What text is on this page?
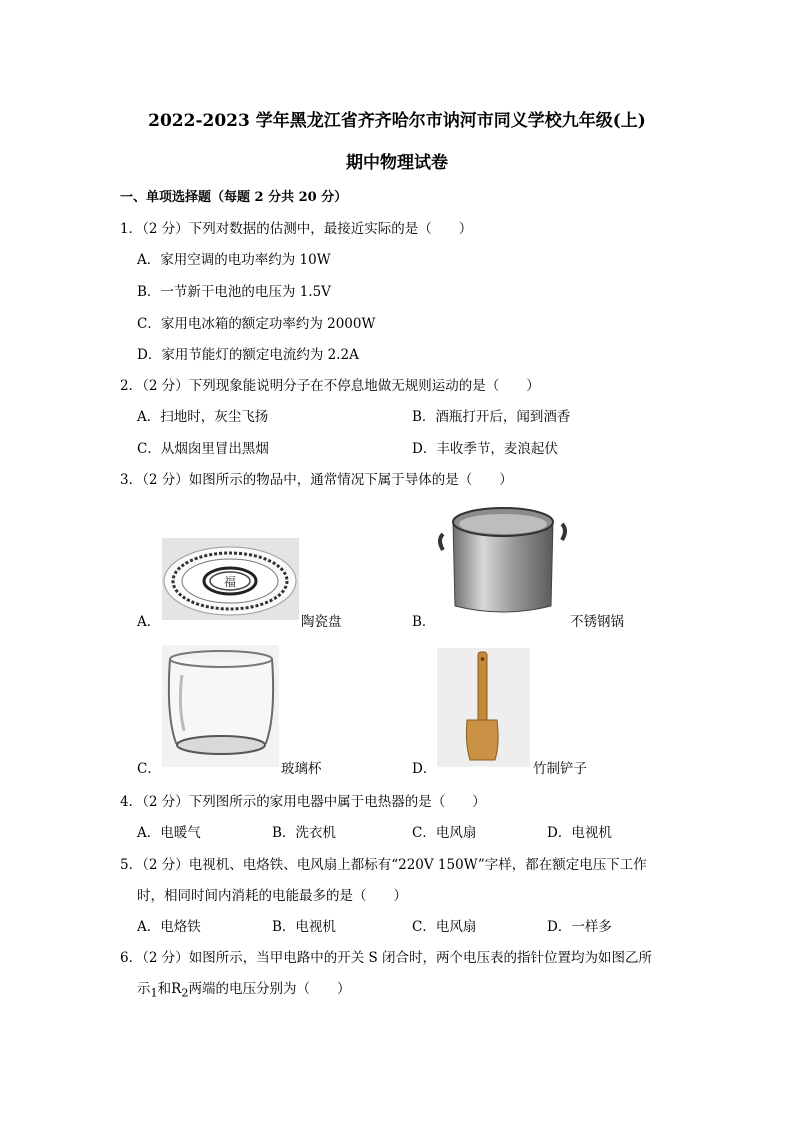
2022-2023 学年黑龙江省齐齐哈尔市讷河市同义学校九年级(上)
期中物理试卷
一、单项选择题（每题 2 分共 20 分）
1．（2 分）下列对数据的估测中，最接近实际的是（　　）
A．家用空调的电功率约为 10W
B．一节新干电池的电压为 1.5V
C．家用电冰箱的额定功率约为 2000W
D．家用节能灯的额定电流约为 2.2A
2．（2 分）下列现象能说明分子在不停息地做无规则运动的是（　　）
A．扫地时，灰尘飞扬	B．酒瓶打开后，闻到酒香
C．从烟囱里冒出黑烟	D．丰收季节，麦浪起伏
3．（2 分）如图所示的物品中，通常情况下属于导体的是（　　）
A．
福
陶瓷盘	B．	不锈钢锅
C．	玻璃杯	D．	竹制铲子
4．（2 分）下列图所示的家用电器中属于电热器的是（　　）
A．电暖气	B．洗衣机	C．电风扇	D．电视机
5．（2 分）电视机、电烙铁、电风扇上都标有“220V 150W”字样，都在额定电压下工作
时，相同时间内消耗的电能最多的是（　　）
A．电烙铁	B．电视机	C．电风扇	D．一样多
6．（2 分）如图所示，当甲电路中的开关 S 闭合时，两个电压表的指针位置均为如图乙所
示$_1$和$R_2$两端的电压分别为（　　）
